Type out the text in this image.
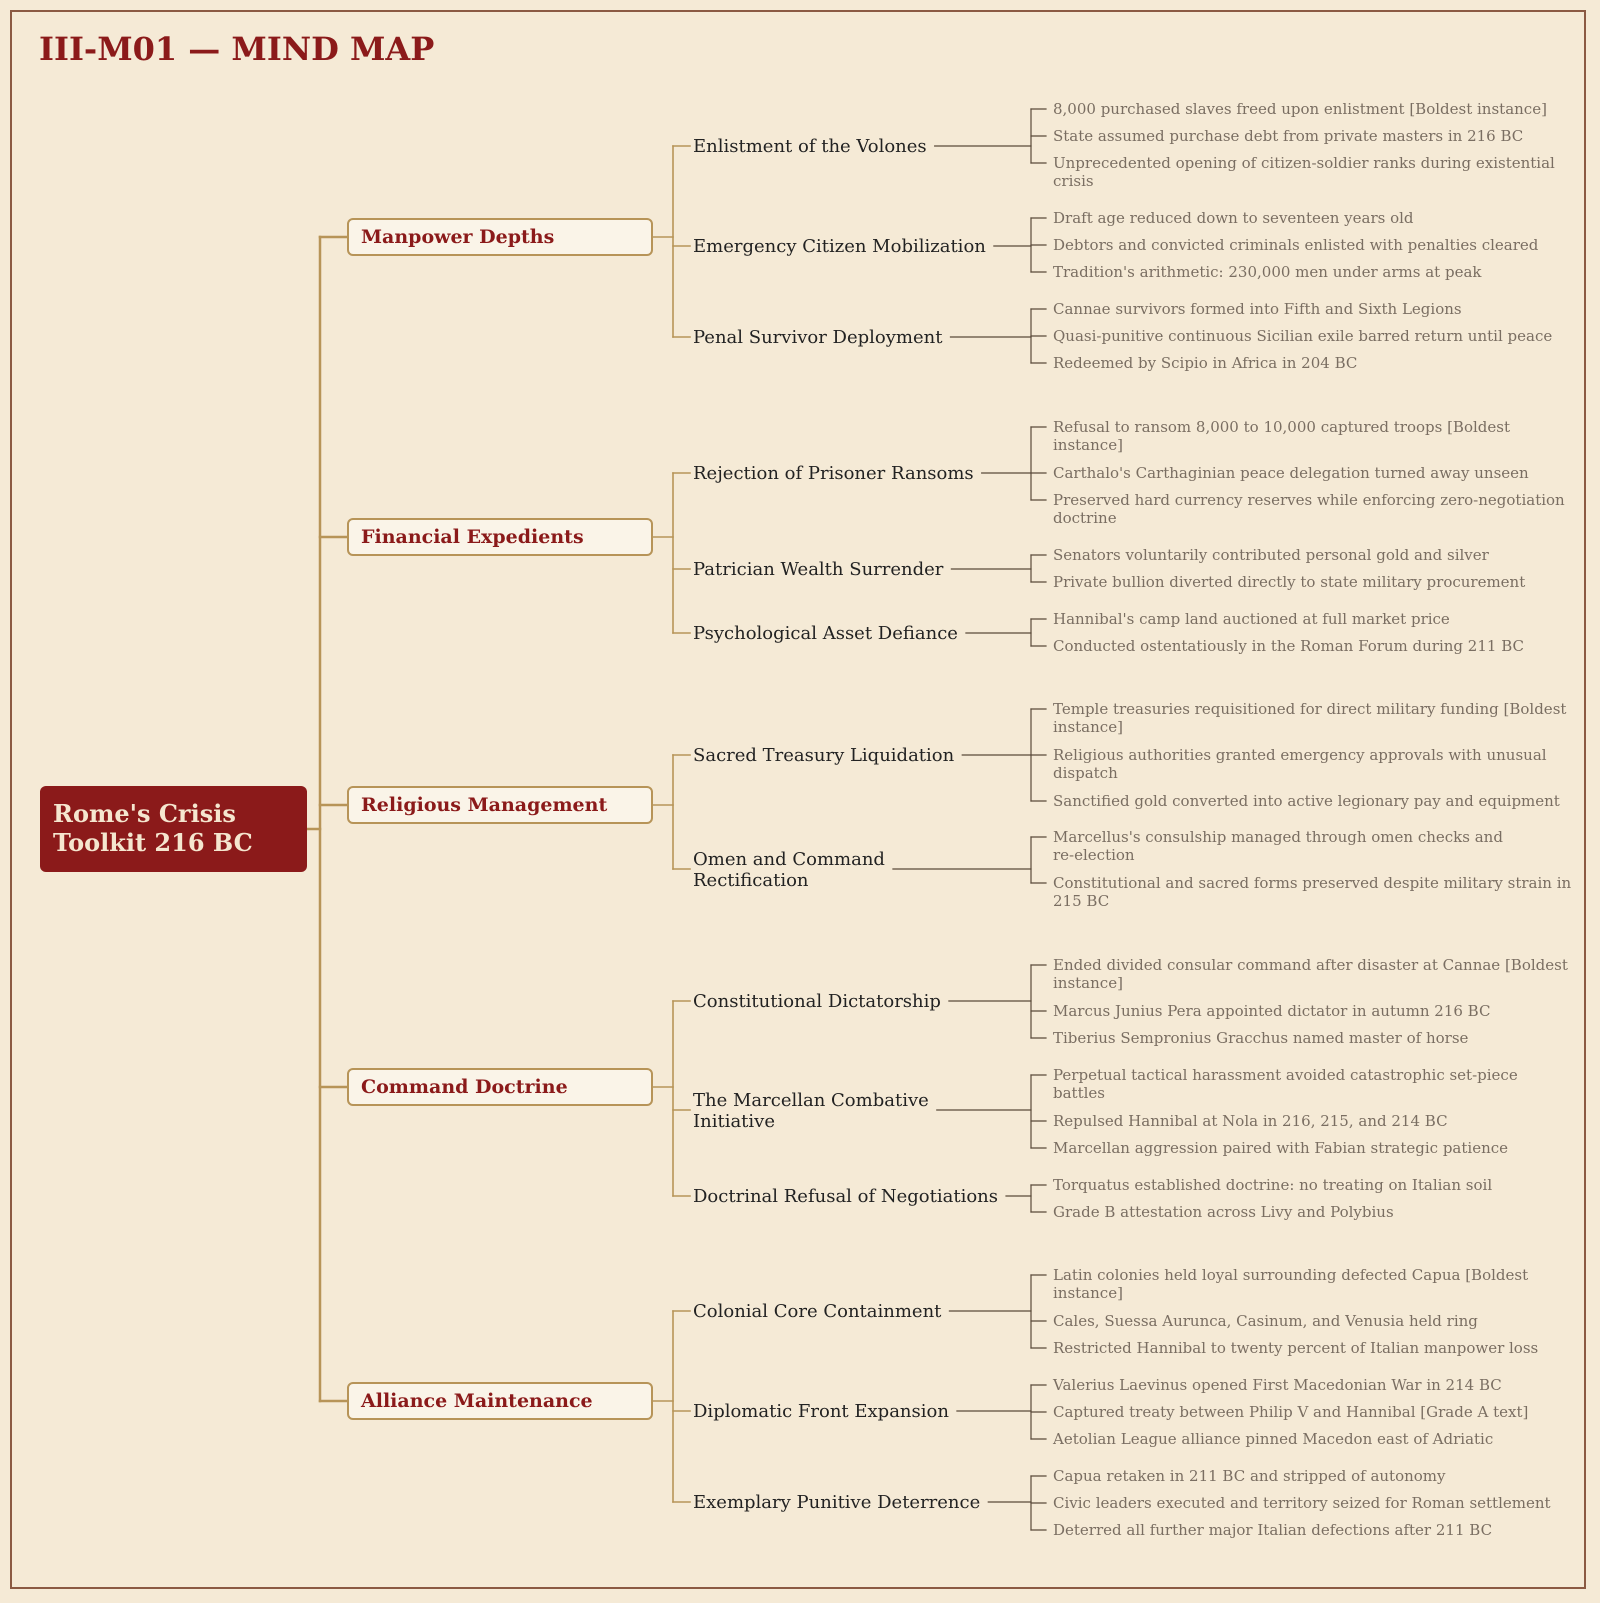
III-M01 — MIND MAP
Rome's Crisis
Toolkit 216 BC
Manpower Depths
Enlistment of the Volones
8,000 purchased slaves freed upon enlistment [Boldest instance]
State assumed purchase debt from private masters in 216 BC
Unprecedented opening of citizen-soldier ranks during existential
crisis
Emergency Citizen Mobilization
Draft age reduced down to seventeen years old
Debtors and convicted criminals enlisted with penalties cleared
Tradition's arithmetic: 230,000 men under arms at peak
Penal Survivor Deployment
Cannae survivors formed into Fifth and Sixth Legions
Quasi-punitive continuous Sicilian exile barred return until peace
Redeemed by Scipio in Africa in 204 BC
Financial Expedients
Rejection of Prisoner Ransoms
Refusal to ransom 8,000 to 10,000 captured troops [Boldest
instance]
Carthalo's Carthaginian peace delegation turned away unseen
Preserved hard currency reserves while enforcing zero-negotiation
doctrine
Patrician Wealth Surrender
Senators voluntarily contributed personal gold and silver
Private bullion diverted directly to state military procurement
Psychological Asset Defiance
Hannibal's camp land auctioned at full market price
Conducted ostentatiously in the Roman Forum during 211 BC
Religious Management
Sacred Treasury Liquidation
Temple treasuries requisitioned for direct military funding [Boldest
instance]
Religious authorities granted emergency approvals with unusual
dispatch
Sanctified gold converted into active legionary pay and equipment
Omen and Command
Rectification
Marcellus's consulship managed through omen checks and
re-election
Constitutional and sacred forms preserved despite military strain in
215 BC
Command Doctrine
Constitutional Dictatorship
Ended divided consular command after disaster at Cannae [Boldest
instance]
Marcus Junius Pera appointed dictator in autumn 216 BC
Tiberius Sempronius Gracchus named master of horse
The Marcellan Combative
Initiative
Perpetual tactical harassment avoided catastrophic set-piece
battles
Repulsed Hannibal at Nola in 216, 215, and 214 BC
Marcellan aggression paired with Fabian strategic patience
Doctrinal Refusal of Negotiations
Torquatus established doctrine: no treating on Italian soil
Grade B attestation across Livy and Polybius
Alliance Maintenance
Colonial Core Containment
Latin colonies held loyal surrounding defected Capua [Boldest
instance]
Cales, Suessa Aurunca, Casinum, and Venusia held ring
Restricted Hannibal to twenty percent of Italian manpower loss
Diplomatic Front Expansion
Valerius Laevinus opened First Macedonian War in 214 BC
Captured treaty between Philip V and Hannibal [Grade A text]
Aetolian League alliance pinned Macedon east of Adriatic
Exemplary Punitive Deterrence
Capua retaken in 211 BC and stripped of autonomy
Civic leaders executed and territory seized for Roman settlement
Deterred all further major Italian defections after 211 BC
